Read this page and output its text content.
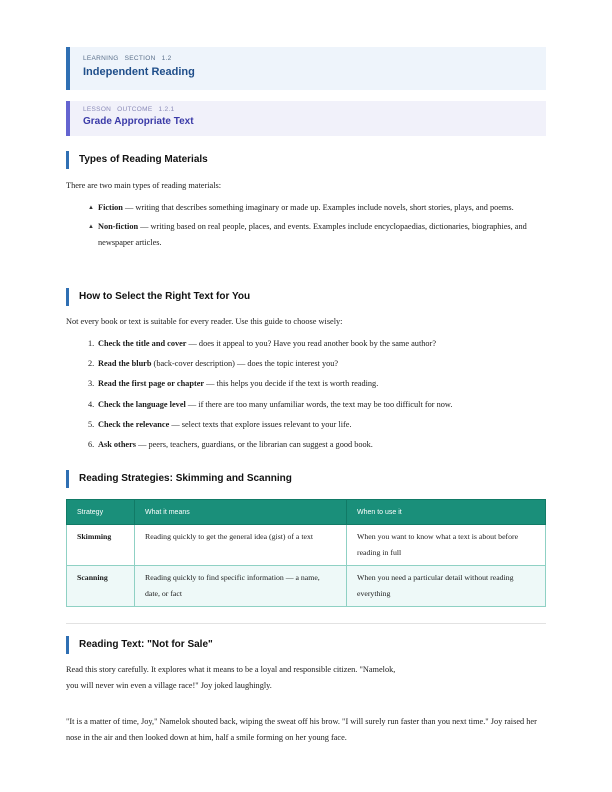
LEARNING SECTION 1.2
Independent Reading
LESSON OUTCOME 1.2.1
Grade Appropriate Text
Types of Reading Materials
There are two main types of reading materials:
▲ Fiction — writing that describes something imaginary or made up. Examples include novels, short stories, plays, and poems.
▲ Non-fiction — writing based on real people, places, and events. Examples include encyclopaedias, dictionaries, biographies, and newspaper articles.
How to Select the Right Text for You
Not every book or text is suitable for every reader. Use this guide to choose wisely:
1. Check the title and cover — does it appeal to you? Have you read another book by the same author?
2. Read the blurb (back-cover description) — does the topic interest you?
3. Read the first page or chapter — this helps you decide if the text is worth reading.
4. Check the language level — if there are too many unfamiliar words, the text may be too difficult for now.
5. Check the relevance — select texts that explore issues relevant to your life.
6. Ask others — peers, teachers, guardians, or the librarian can suggest a good book.
Reading Strategies: Skimming and Scanning
Strategy	What it means	When to use it
Skimming	Reading quickly to get the general idea (gist) of a text	When you want to know what a text is about before reading in full
Scanning	Reading quickly to find specific information — a name, date, or fact	When you need a particular detail without reading everything
Reading Text: "Not for Sale"
Read this story carefully. It explores what it means to be a loyal and responsible citizen. "Namelok,
you will never win even a village race!" Joy joked laughingly.
"It is a matter of time, Joy," Namelok shouted back, wiping the sweat off his brow. "I will surely run faster than you next time." Joy raised her nose in the air and then looked down at him, half a smile forming on her young face.
